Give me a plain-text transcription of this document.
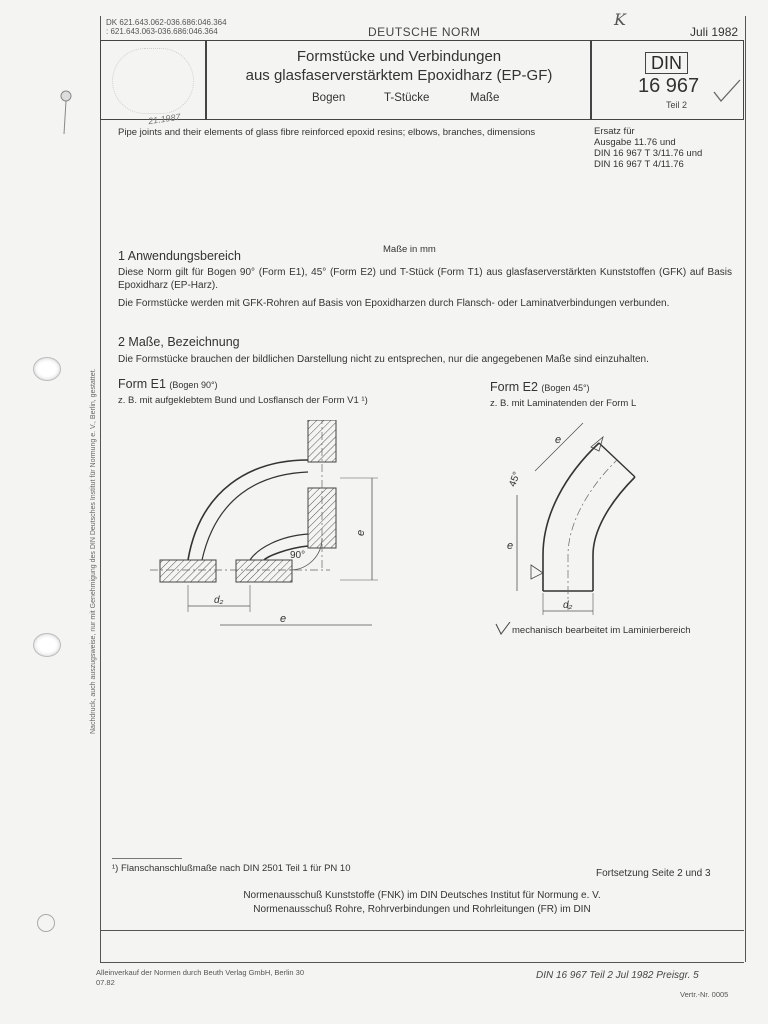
DK 621.643.062-036.686:046.364
: 621.643.063-036.686:046.364	DEUTSCHE NORM
K
Juli 1982
21.1987
Formstücke und Verbindungen
aus glasfaserverstärktem Epoxidharz (EP-GF)
Bogen	T-Stücke	Maße
DIN
16 967
Teil 2
Pipe joints and their elements of glass fibre reinforced epoxid resins; elbows, branches, dimensions	Ersatz für
Ausgabe 11.76 und
DIN 16 967 T 3/11.76 und
DIN 16 967 T 4/11.76
Maße in mm
1 Anwendungsbereich
Diese Norm gilt für Bogen 90° (Form E1), 45° (Form E2) und T-Stück (Form T1) aus glasfaserverstärkten Kunststoffen (GFK) auf Basis Epoxidharz (EP-Harz).
Die Formstücke werden mit GFK-Rohren auf Basis von Epoxidharzen durch Flansch- oder Laminatverbindungen verbunden.
2 Maße, Bezeichnung
Die Formstücke brauchen der bildlichen Darstellung nicht zu entsprechen, nur die angegebenen Maße sind einzuhalten.
Form E1 (Bogen 90°)
z. B. mit aufgeklebtem Bund und Losflansch der Form V1 ¹)
Form E2 (Bogen 45°)
z. B. mit Laminatenden der Form L
90°
e
d₂
e
e
45°
e
d₂
mechanisch bearbeitet im Laminierbereich
¹) Flanschanschlußmaße nach DIN 2501 Teil 1 für PN 10	Fortsetzung Seite 2 und 3
Normenausschuß Kunststoffe (FNK) im DIN Deutsches Institut für Normung e. V.
Normenausschuß Rohre, Rohrverbindungen und Rohrleitungen (FR) im DIN
Alleinverkauf der Normen durch Beuth Verlag GmbH, Berlin 30
07.82
DIN 16 967 Teil 2 Jul 1982 Preisgr. 5
Vertr.-Nr. 0005
Nachdruck, auch auszugsweise, nur mit Genehmigung des DIN Deutsches Institut für Normung e. V., Berlin, gestattet.
